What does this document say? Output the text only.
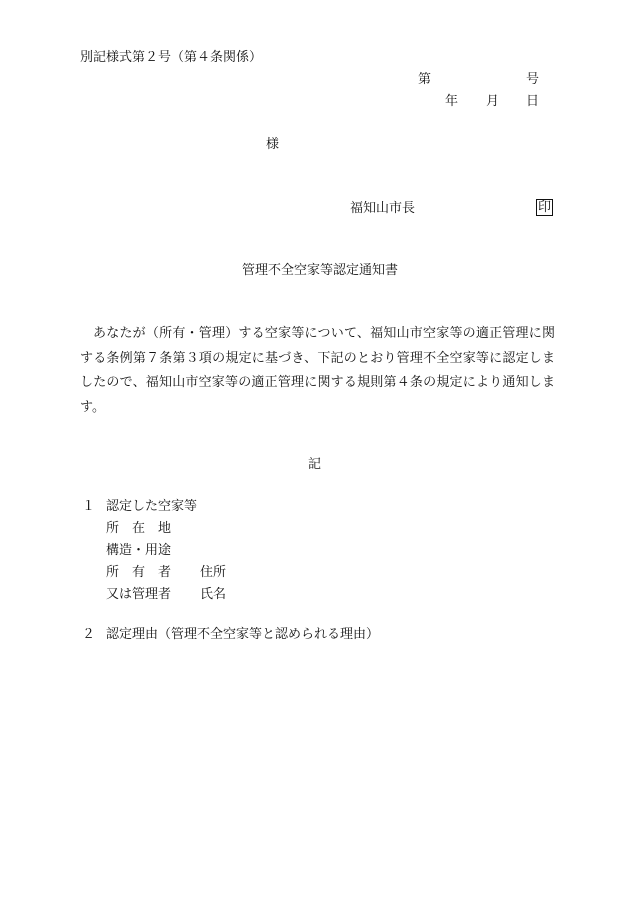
別記様式第２号（第４条関係）
第	号
年 月 日
様
福知山市長	印
管理不全空家等認定通知書
あなたが（所有・管理）する空家等について、福知山市空家等の適正管理に関する条例第７条第３項の規定に基づき、下記のとおり管理不全空家等に認定しましたので、福知山市空家等の適正管理に関する規則第４条の規定により通知します。
記
１ 認定した空家等
所　在　地
構造・用途
所　有　者 住所
又は管理者 氏名
２ 認定理由（管理不全空家等と認められる理由）
